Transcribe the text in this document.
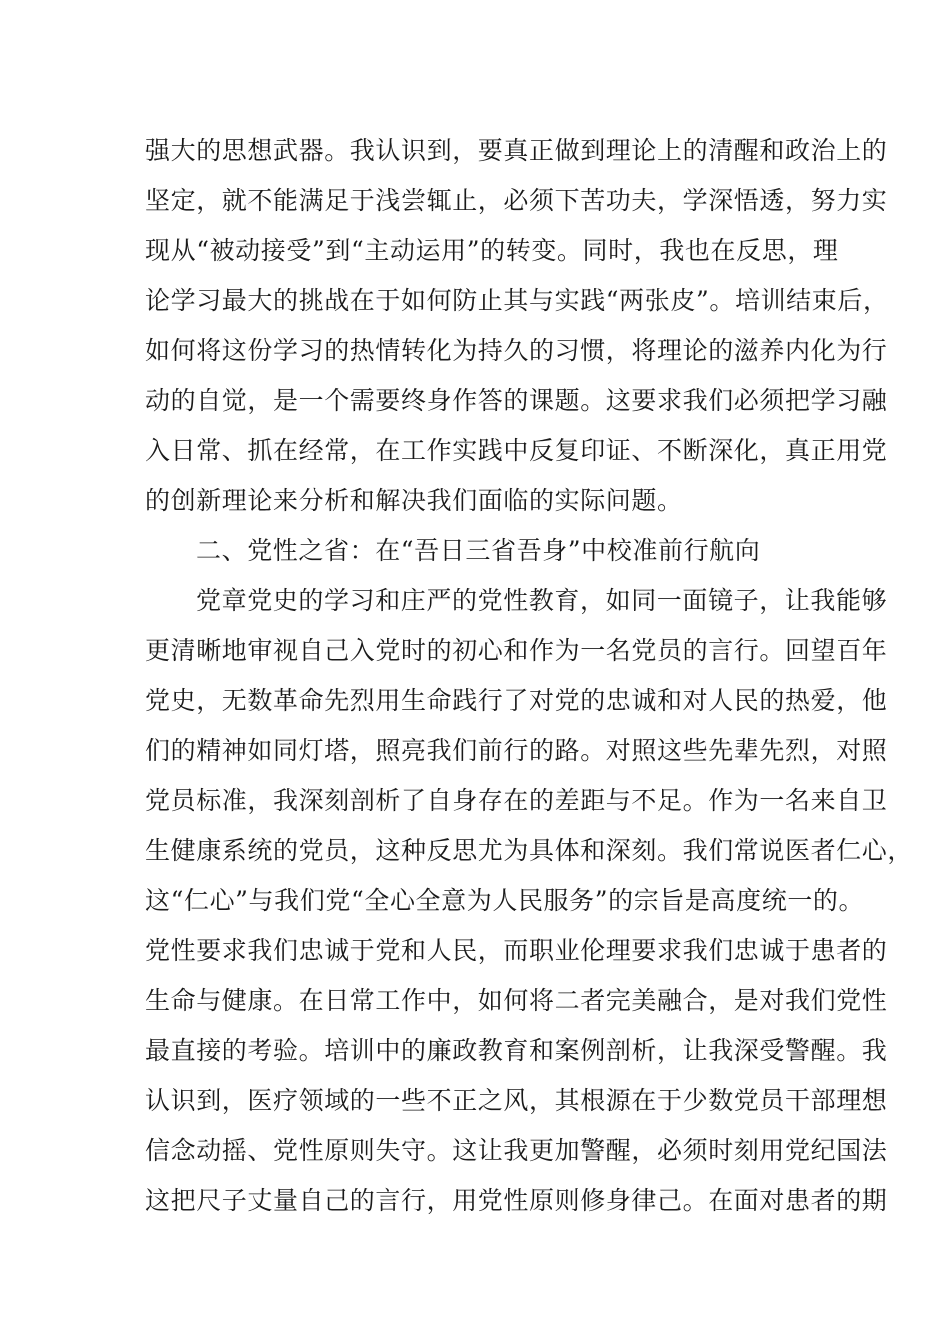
强大的思想武器。我认识到，要真正做到理论上的清醒和政治上的
坚定，就不能满足于浅尝辄止，必须下苦功夫，学深悟透，努力实
现从“被动接受”到“主动运用”的转变。同时，我也在反思，理
论学习最大的挑战在于如何防止其与实践“两张皮”。培训结束后，
如何将这份学习的热情转化为持久的习惯，将理论的滋养内化为行
动的自觉，是一个需要终身作答的课题。这要求我们必须把学习融
入日常、抓在经常，在工作实践中反复印证、不断深化，真正用党
的创新理论来分析和解决我们面临的实际问题。
二、党性之省：在“吾日三省吾身”中校准前行航向
党章党史的学习和庄严的党性教育，如同一面镜子，让我能够
更清晰地审视自己入党时的初心和作为一名党员的言行。回望百年
党史，无数革命先烈用生命践行了对党的忠诚和对人民的热爱，他
们的精神如同灯塔，照亮我们前行的路。对照这些先辈先烈，对照
党员标准，我深刻剖析了自身存在的差距与不足。作为一名来自卫
生健康系统的党员，这种反思尤为具体和深刻。我们常说医者仁心，
这“仁心”与我们党“全心全意为人民服务”的宗旨是高度统一的。
党性要求我们忠诚于党和人民，而职业伦理要求我们忠诚于患者的
生命与健康。在日常工作中，如何将二者完美融合，是对我们党性
最直接的考验。培训中的廉政教育和案例剖析，让我深受警醒。我
认识到，医疗领域的一些不正之风，其根源在于少数党员干部理想
信念动摇、党性原则失守。这让我更加警醒，必须时刻用党纪国法
这把尺子丈量自己的言行，用党性原则修身律己。在面对患者的期
